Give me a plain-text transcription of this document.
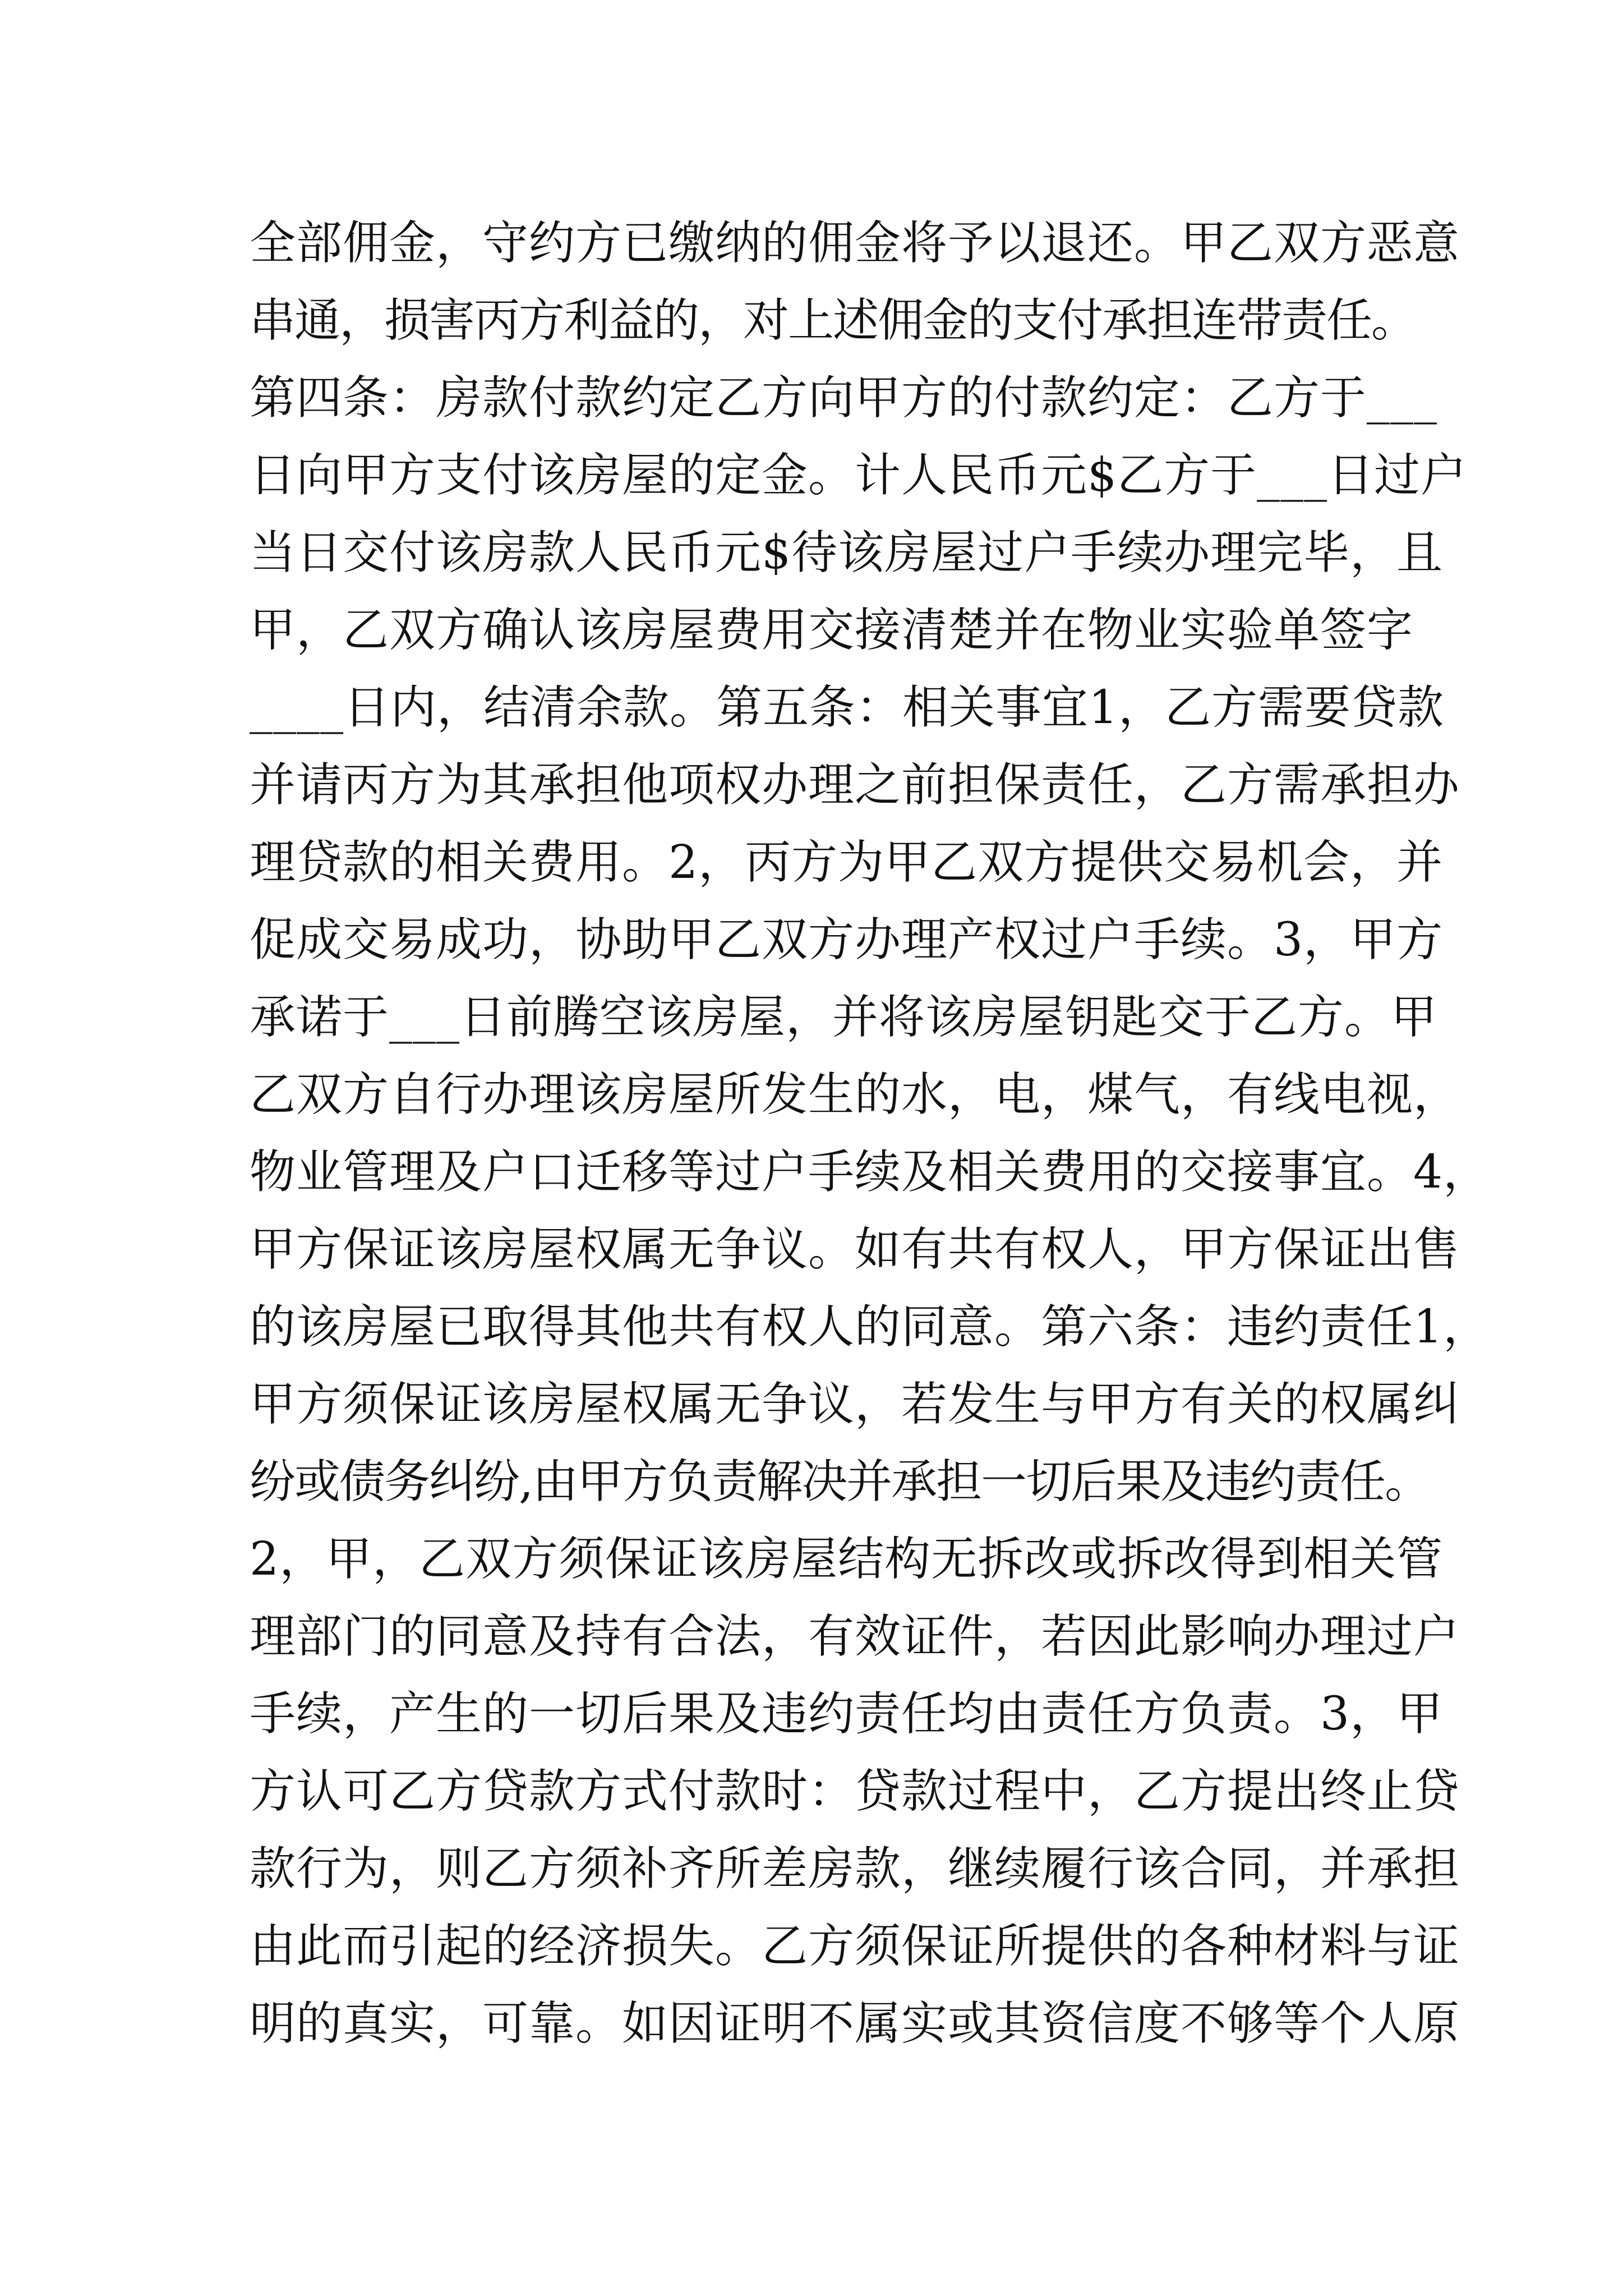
全部佣金，守约方已缴纳的佣金将予以退还。甲乙双方恶意
串通，损害丙方利益的，对上述佣金的支付承担连带责任。
第四条：房款付款约定乙方向甲方的付款约定：乙方于___
日向甲方支付该房屋的定金。计人民币元$乙方于___日过户
当日交付该房款人民币元$待该房屋过户手续办理完毕，且
甲，乙双方确认该房屋费用交接清楚并在物业实验单签字
____日内，结清余款。第五条：相关事宜1，乙方需要贷款
并请丙方为其承担他项权办理之前担保责任，乙方需承担办
理贷款的相关费用。2，丙方为甲乙双方提供交易机会，并
促成交易成功，协助甲乙双方办理产权过户手续。3，甲方
承诺于___日前腾空该房屋，并将该房屋钥匙交于乙方。甲
乙双方自行办理该房屋所发生的水，电，煤气，有线电视，
物业管理及户口迁移等过户手续及相关费用的交接事宜。4，
甲方保证该房屋权属无争议。如有共有权人，甲方保证出售
的该房屋已取得其他共有权人的同意。第六条：违约责任1，
甲方须保证该房屋权属无争议，若发生与甲方有关的权属纠
纷或债务纠纷,由甲方负责解决并承担一切后果及违约责任。
2，甲，乙双方须保证该房屋结构无拆改或拆改得到相关管
理部门的同意及持有合法，有效证件，若因此影响办理过户
手续，产生的一切后果及违约责任均由责任方负责。3，甲
方认可乙方贷款方式付款时：贷款过程中，乙方提出终止贷
款行为，则乙方须补齐所差房款，继续履行该合同，并承担
由此而引起的经济损失。乙方须保证所提供的各种材料与证
明的真实，可靠。如因证明不属实或其资信度不够等个人原
